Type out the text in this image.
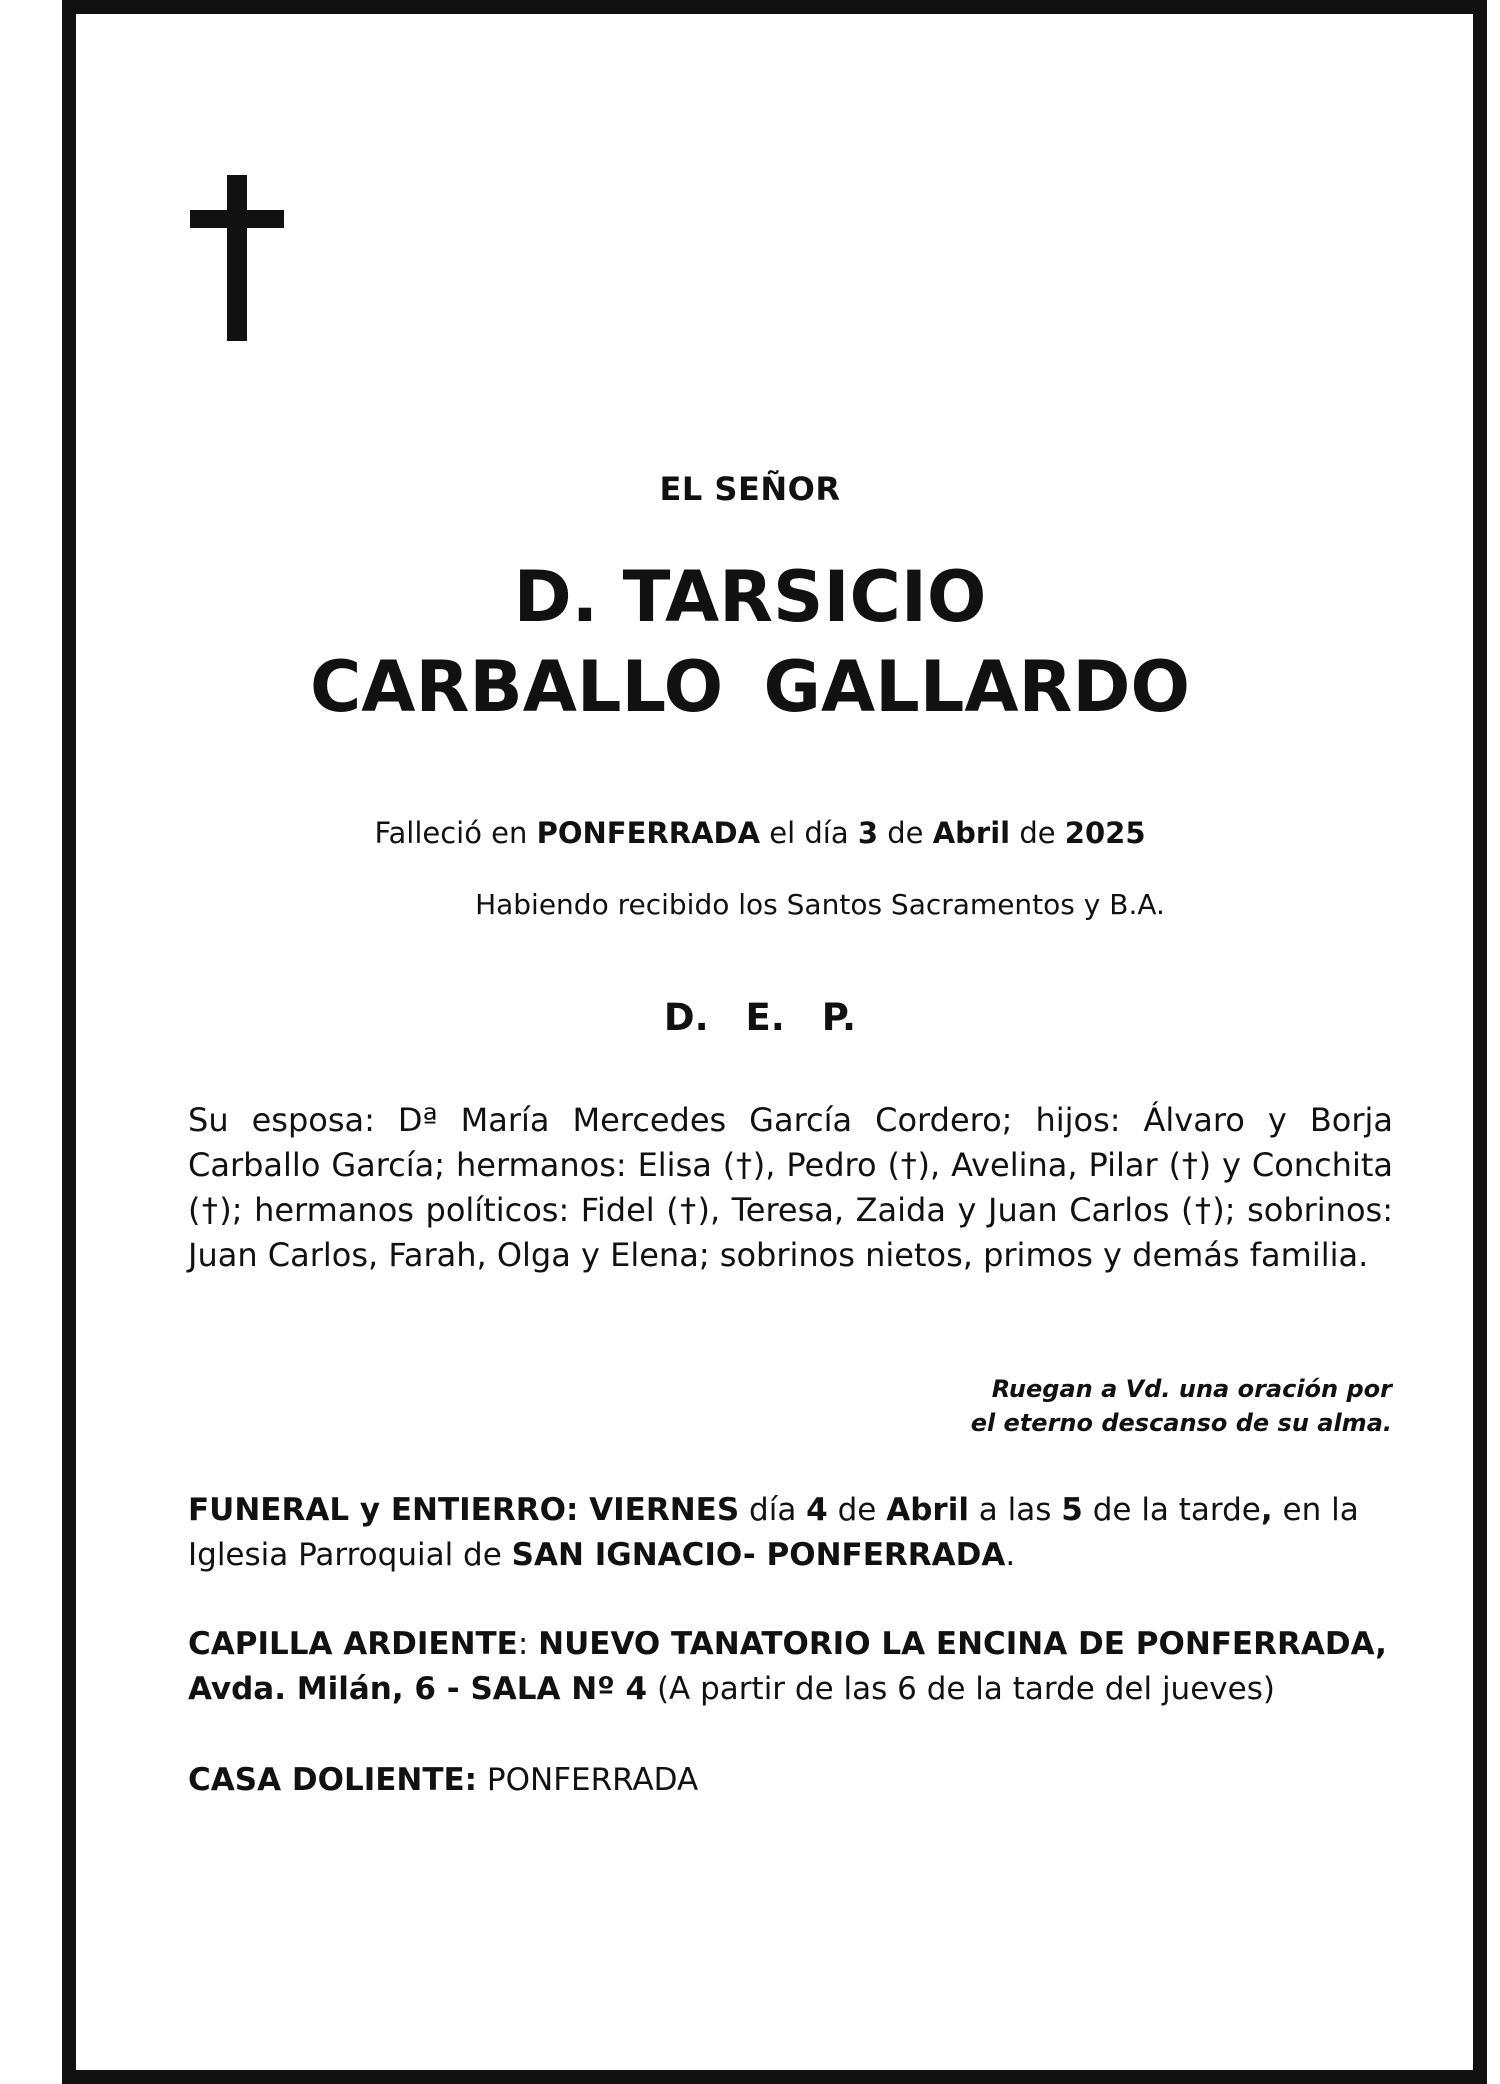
EL SEÑOR
D. TARSICIO
CARBALLO GALLARDO
Falleció en PONFERRADA el día 3 de Abril de 2025
Habiendo recibido los Santos Sacramentos y B.A.
D. E. P.

Su esposa: Dª María Mercedes García Cordero; hijos: Álvaro y Borja Carballo García; hermanos: Elisa (†), Pedro (†), Avelina, Pilar (†) y Conchita (†); hermanos políticos: Fidel (†), Teresa, Zaida y Juan Carlos (†); sobrinos: Juan Carlos, Farah, Olga y Elena; sobrinos nietos, primos y demás familia.

Ruegan a Vd. una oración por
el eterno descanso de su alma.

FUNERAL y ENTIERRO: VIERNES día 4 de Abril a las 5 de la tarde, en la Iglesia Parroquial de SAN IGNACIO- PONFERRADA.

CAPILLA ARDIENTE: NUEVO TANATORIO LA ENCINA DE PONFERRADA, Avda. Milán, 6 - SALA Nº 4 (A partir de las 6 de la tarde del jueves)

CASA DOLIENTE: PONFERRADA
